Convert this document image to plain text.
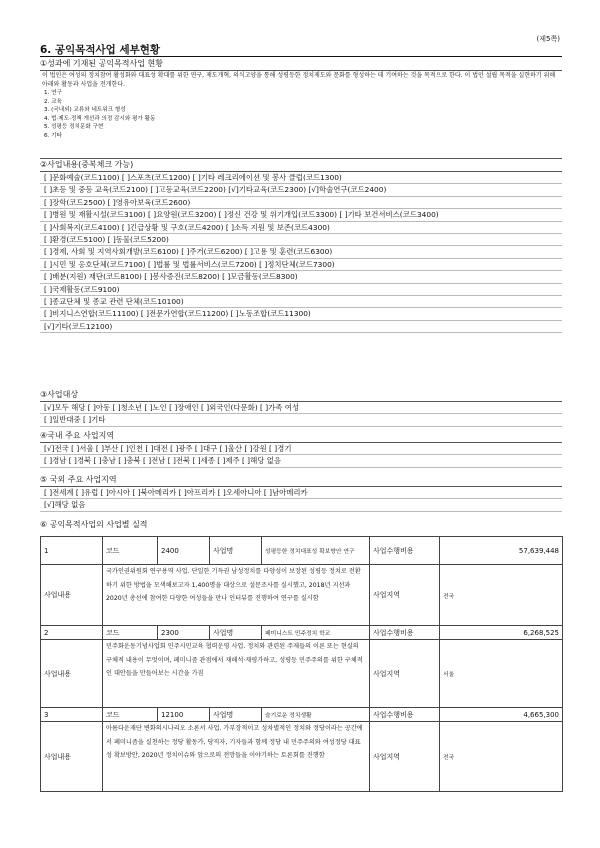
(제5쪽)
6. 공익목적사업 세부현황
①성과에 기재된 공익목적사업 현황
이 법인은 여성의 정치참여 활성화와 대표성 확대를 위한 연구, 제도개혁, 의식고양을 통해 성평등한 정치제도와 문화를 형성하는 데 기여하는 것을 목적으로 한다. 이 법인 설립 목적을 실현하기 위해 아래와 활동과 사업을 전개한다.
1. 연구
2. 교육
3. (국내외) 교류와 네트워크 형성
4. 법·제도·정책 개선과 의정 감시와 평가 활동
5. 성평등 정치문화 구현
6. 기타
②사업내용(중복체크 가능)
[ ]문화예술(코드1100) [ ]스포츠(코드1200) [ ]기타 레크리에이션 및 봉사 클럽(코드1300)
[ ]초등 및 중등 교육(코드2100) [ ]고등교육(코드2200) [√]기타교육(코드2300) [√]학술연구(코드2400)
[ ]장학(코드2500) [ ]영유아보육(코드2600)
[ ]병원 및 재활시설(코드3100) [ ]요양원(코드3200) [ ]정신 건강 및 위기개입(코드3300) [ ]기타 보건서비스(코드3400)
[ ]사회복지(코드4100) [ ]긴급상황 및 구호(코드4200) [ ]소득 지원 및 보존(코드4300)
[ ]환경(코드5100) [ ]동물(코드5200)
[ ]경제, 사회 및 지역사회개발(코드6100) [ ]주거(코드6200) [ ]고용 및 훈련(코드6300)
[ ]시민 및 옹호단체(코드7100) [ ]법률 및 법률서비스(코드7200) [ ]정치단체(코드7300)
[ ]배분(지원) 재단(코드8100) [ ]봉사증진(코드8200) [ ]모금활동(코드8300)
[ ]국제활동(코드9100)
[ ]종교단체 및 종교 관련 단체(코드10100)
[ ]비지니스연합(코드11100) [ ]전문가연합(코드11200) [ ]노동조합(코드11300)
[√]기타(코드12100)
③사업대상
[√]모두 해당 [ ]아동 [ ]청소년 [ ]노인 [ ]장애인 [ ]외국인(다문화) [ ]가족 여성
[ ]일반대중 [ ]기타
④국내 주요 사업지역
[√]전국 [ ]서울 [ ]부산 [ ]인천 [ ]대전 [ ]광주 [ ]대구 [ ]울산 [ ]강원 [ ]경기
[ ]경남 [ ]경북 [ ]충남 [ ]충북 [ ]전남 [ ]전북 [ ]세종 [ ]제주 [ ]해당 없음
⑤ 국외 주요 사업지역
[ ]전세계 [ ]유럽 [ ]아시아 [ ]북아메리카 [ ]아프리카 [ ]오세아니아 [ ]남아메리카
[√]해당 없음
⑥ 공익목적사업의 사업별 실적
1	코드	2400	사업명	성평등한 정치대표성 확보방안 연구	사업수행비용	57,639,448
사업내용	국가인권위원회 연구용역 사업. 단일한 기득권 남성정치를 다양성이 보장된 성평등 정치로 전환하기 위한 방법을 모색해보고자 1,400명을 대상으로 설문조사를 실시했고, 2018년 지선과 2020년 총선에 참여한 다양한 여성들을 만나 인터뷰를 진행하여 연구를 실시함				사업지역	전국
2	코드	2300	사업명	페미니스트 민주정치 학교	사업수행비용	6,268,525
사업내용	민주화운동기념사업회 민주시민교육 협력운영 사업. 정치와 관련된 주제들의 이론 또는 현실의 구체적 내용이 무엇이며, 페미니즘 관점에서 재해석·재평가하고, 성평등 민주주의를 위한 구체적인 대안들을 만들어보는 시간을 가짐				사업지역	서울
3	코드	12100	사업명	슬기로운 정치생활	사업수행비용	4,665,300
사업내용	아름다운재단 변화의시나리오 소론서 사업. 가부장적이고 성차별적인 정치와 정당이라는 공간에서 페미니즘을 실천하는 정당 활동가, 당직자, 기자들과 함께 정당 내 민주주의와 여성정당 대표성 확보방안, 2020년 정치이슈와 앞으로의 전망들을 이야기하는 토론회를 진행함				사업지역	전국
